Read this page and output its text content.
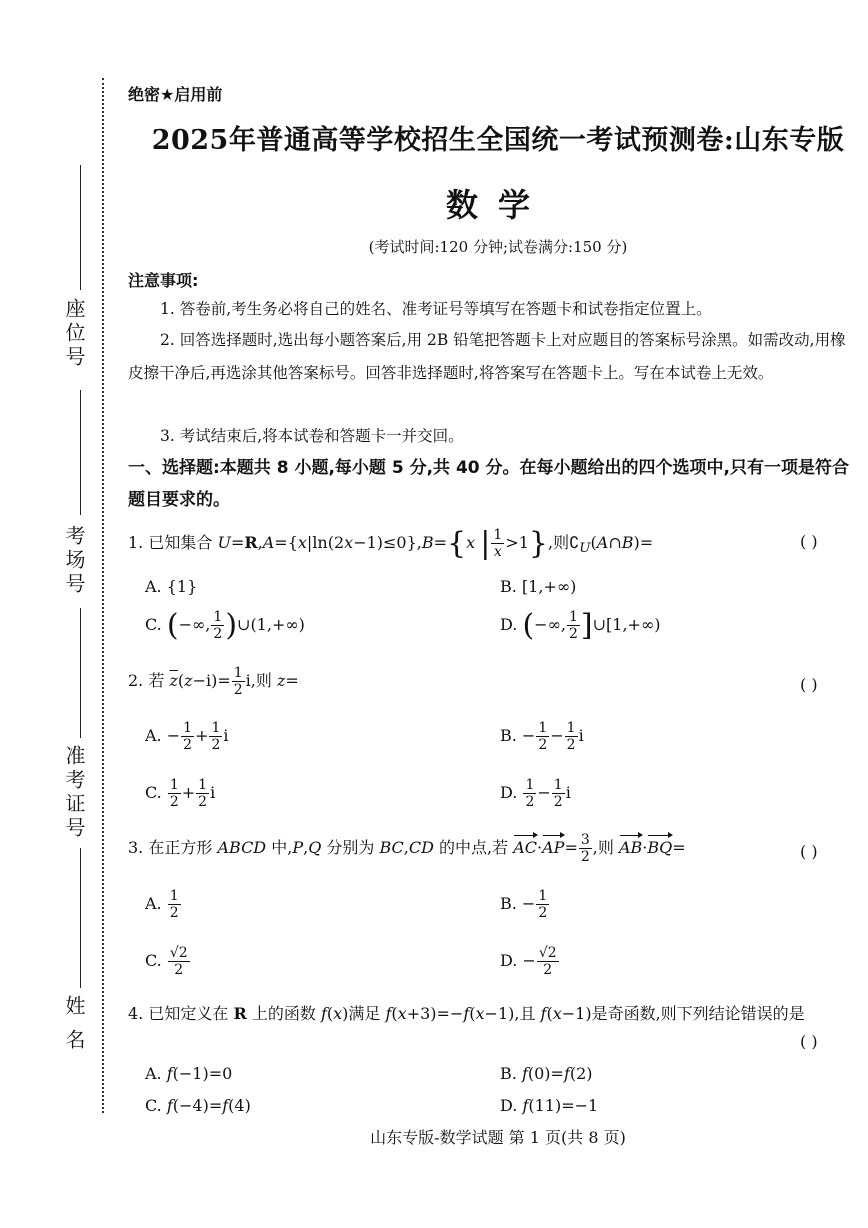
座位号
考场号
准考证号
姓名
绝密★启用前
2025年普通高等学校招生全国统一考试预测卷:山东专版
数学
(考试时间:120 分钟;试卷满分:150 分)
注意事项:
1. 答卷前,考生务必将自己的姓名、准考证号等填写在答题卡和试卷指定位置上。
2. 回答选择题时,选出每小题答案后,用 2B 铅笔把答题卡上对应题目的答案标号涂黑。如需改动,用橡皮擦干净后,再选涂其他答案标号。回答非选择题时,将答案写在答题卡上。写在本试卷上无效。
3. 考试结束后,将本试卷和答题卡一并交回。
一、选择题:本题共 8 小题,每小题 5 分,共 40 分。在每小题给出的四个选项中,只有一项是符合题目要求的。
1. 已知集合 U=R,A={x|ln(2x−1)≤0},B={x | $\frac{1}{x} >1$},则$∁_U(A\cap B)=$	( )
A. {1}	B. [1,+∞)
C. (−∞, $\frac{1}{2}$ )∪(1,+∞)	D. (−∞, $\frac{1}{2}$ ]∪[1,+∞)
2. 若 $\overline{z}(z-i)= \frac{1}{2} i$,则 z=	( )
A. − $\frac{1}{2} + \frac{1}{2}$ i	B. − $\frac{1}{2} - \frac{1}{2}$ i
C. $\frac{1}{2} + \frac{1}{2}$ i	D. $\frac{1}{2} - \frac{1}{2}$ i
3. 在正方形 ABCD 中,P,Q 分别为 BC,CD 的中点,若 $AC\cdot AP= \frac{3}{2}$ ,则 AB·BQ=	( )
A. $\frac{1}{2}$	B. − $\frac{1}{2}$
C. $\frac{√2}{2}$	D. − $\frac{√2}{2}$
4. 已知定义在 R 上的函数 f(x)满足 f(x+3)=−f(x−1),且 f(x−1)是奇函数,则下列结论错误的是
( )
A. f(−1)=0	B. f(0)=f(2)
C. f(−4)=f(4)	D. f(11)=−1
山东专版-数学试题 第 1 页(共 8 页)
